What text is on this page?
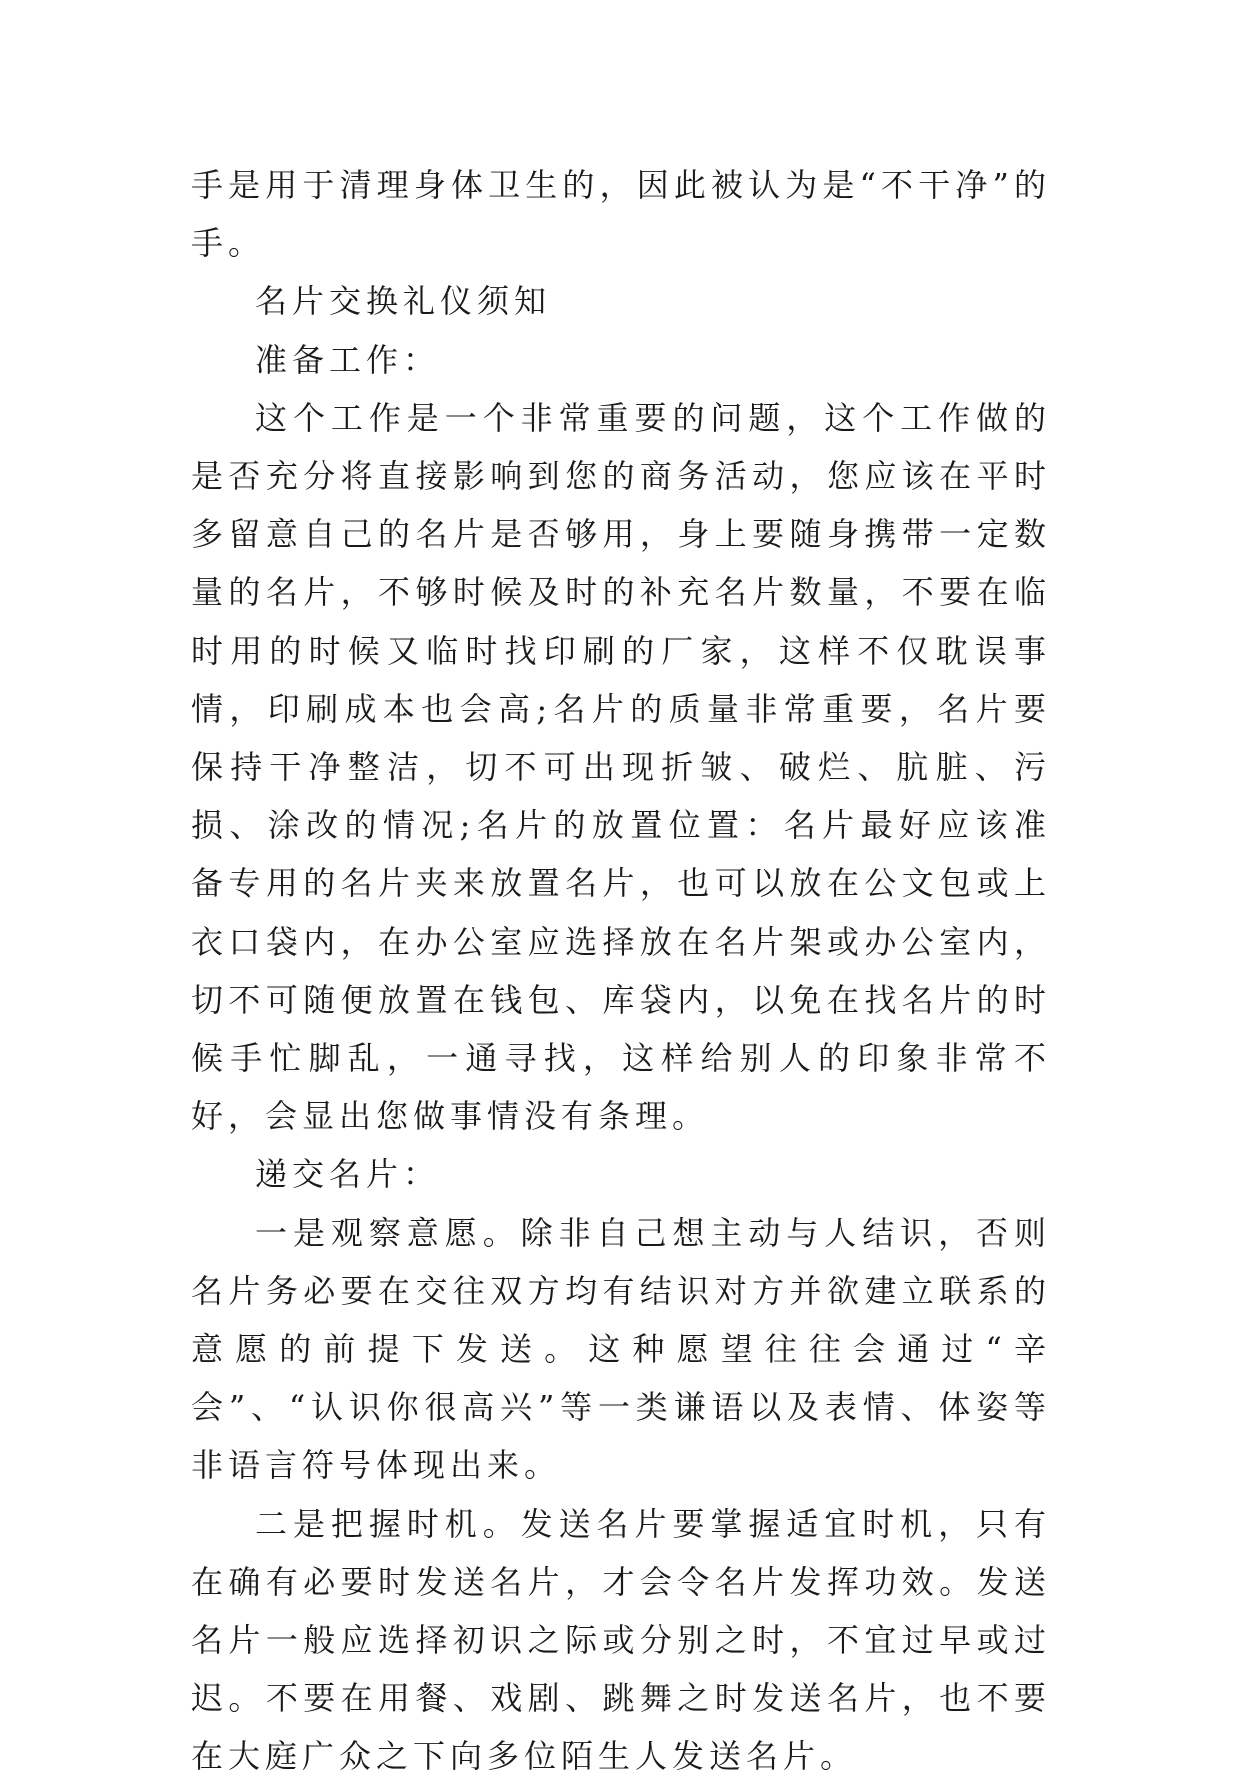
手是用于清理身体卫生的，因此被认为是“不干净”的手。

名片交换礼仪须知

准备工作：

这个工作是一个非常重要的问题，这个工作做的是否充分将直接影响到您的商务活动，您应该在平时多留意自己的名片是否够用，身上要随身携带一定数量的名片，不够时候及时的补充名片数量，不要在临时用的时候又临时找印刷的厂家，这样不仅耽误事情，印刷成本也会高;名片的质量非常重要，名片要保持干净整洁，切不可出现折皱、破烂、肮脏、污损、涂改的情况;名片的放置位置：名片最好应该准备专用的名片夹来放置名片，也可以放在公文包或上衣口袋内，在办公室应选择放在名片架或办公室内，切不可随便放置在钱包、库袋内，以免在找名片的时候手忙脚乱，一通寻找，这样给别人的印象非常不好，会显出您做事情没有条理。

递交名片：

一是观察意愿。除非自己想主动与人结识，否则名片务必要在交往双方均有结识对方并欲建立联系的意愿的前提下发送。这种愿望往往会通过“辛会”、“认识你很高兴”等一类谦语以及表情、体姿等非语言符号体现出来。

二是把握时机。发送名片要掌握适宜时机，只有在确有必要时发送名片，才会令名片发挥功效。发送名片一般应选择初识之际或分别之时，不宜过早或过迟。不要在用餐、戏剧、跳舞之时发送名片，也不要在大庭广众之下向多位陌生人发送名片。
